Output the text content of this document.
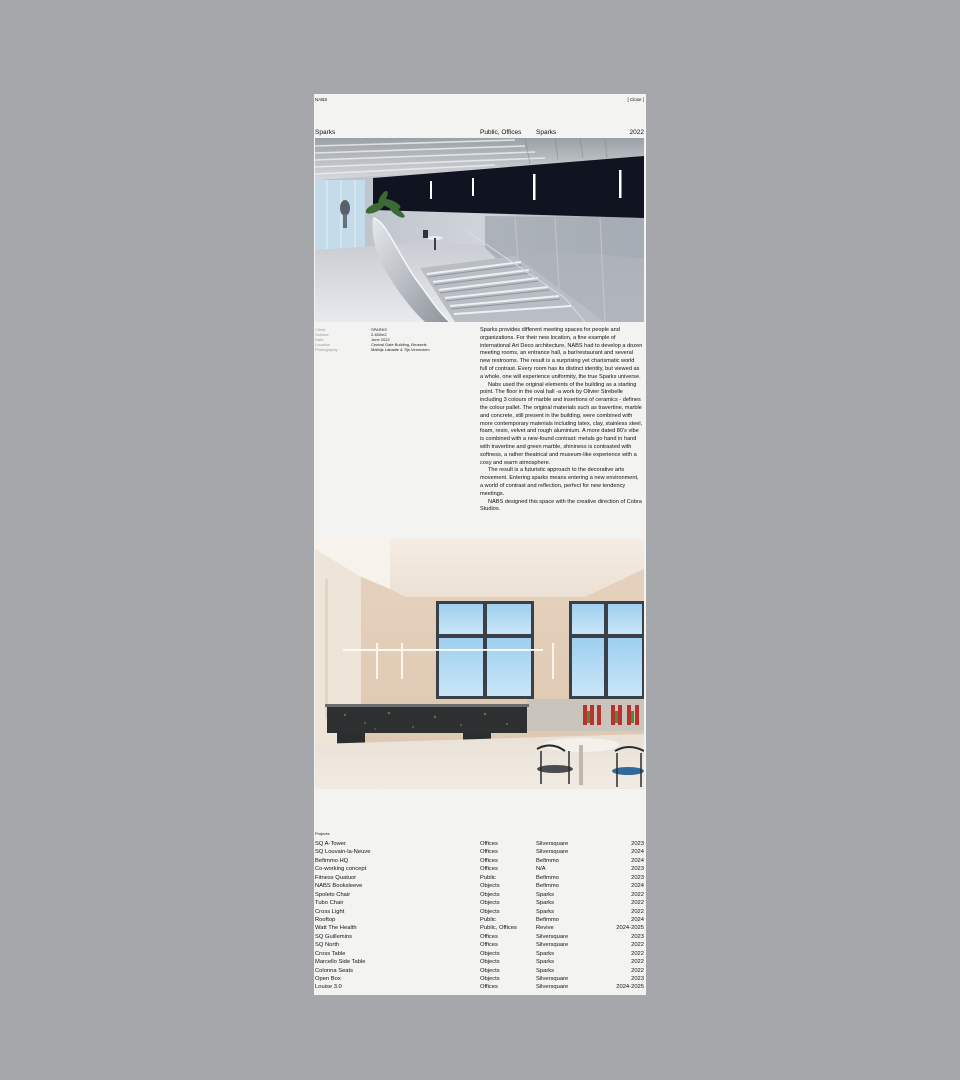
NABS	[ Close ]
Sparks	Public, Offices Sparks	2022
Client	SPARKS
Surface	2.450m2
Date	June 2022
Location	Central Gate Building, Brussels
Photography	Mathijs Labadie & Tijs Vervecken

Sparks provides different meeting spaces for people and organizations. For their new location, a fine example of international Art Deco architecture, NABS had to develop a dozen meeting rooms, an entrance hall, a bar/restaurant and several new restrooms. The result is a surprising yet charismatic world full of contrast. Every room has its distinct identity, but viewed as a whole, one will experience uniformity, the true Sparks universe.

Nabs used the original elements of the building as a starting point. The floor in the oval hall -a work by Olivier Strebelle including 3 colours of marble and insertions of ceramics - defines the colour pallet. The original materials such as travertine, marble and concrete, still present in the building, were combined with more contemporary materials including latex, clay, stainless steel, foam, resin, velvet and rough aluminium. A more dated 80's vibe is combined with a new-found contrast: metals go hand in hand with travertine and green marble, shininess is contrasted with softness, a rather theatrical and museum-like experience with a cosy and warm atmosphere.

The result is a futuristic approach to the decorative arts movement. Entering sparks means entering a new environment, a world of contrast and reflection, perfect for new tendency meetings.

NABS designed this space with the creative direction of Cobra Studios.

Projects
SQ A-Tower	Offices	Silversquare	2023
SQ Louvain-la-Neuve	Offices	Silversquare	2024
Befimmo HQ	Offices	Befimmo	2024
Co-working concept	Offices	N/A	2023
Fitness Quatuor	Public	Befimmo	2023
NABS Booksleeve	Objects	Befimmo	2024
Spoleto Chair	Objects	Sparks	2022
Tubo Chair	Objects	Sparks	2022
Cross Light	Objects	Sparks	2022
Rooftop	Public	Befimmo	2024
Watt The Health	Public, Offices	Revive	2024-2025
SQ Guillemins	Offices	Silversquare	2023
SQ North	Offices	Silversquare	2022
Cross Table	Objects	Sparks	2022
Marcello Side Table	Objects	Sparks	2022
Colonna Seats	Objects	Sparks	2022
Open Box	Objects	Silversquare	2023
Louise 3.0	Offices	Silversquare	2024-2025
